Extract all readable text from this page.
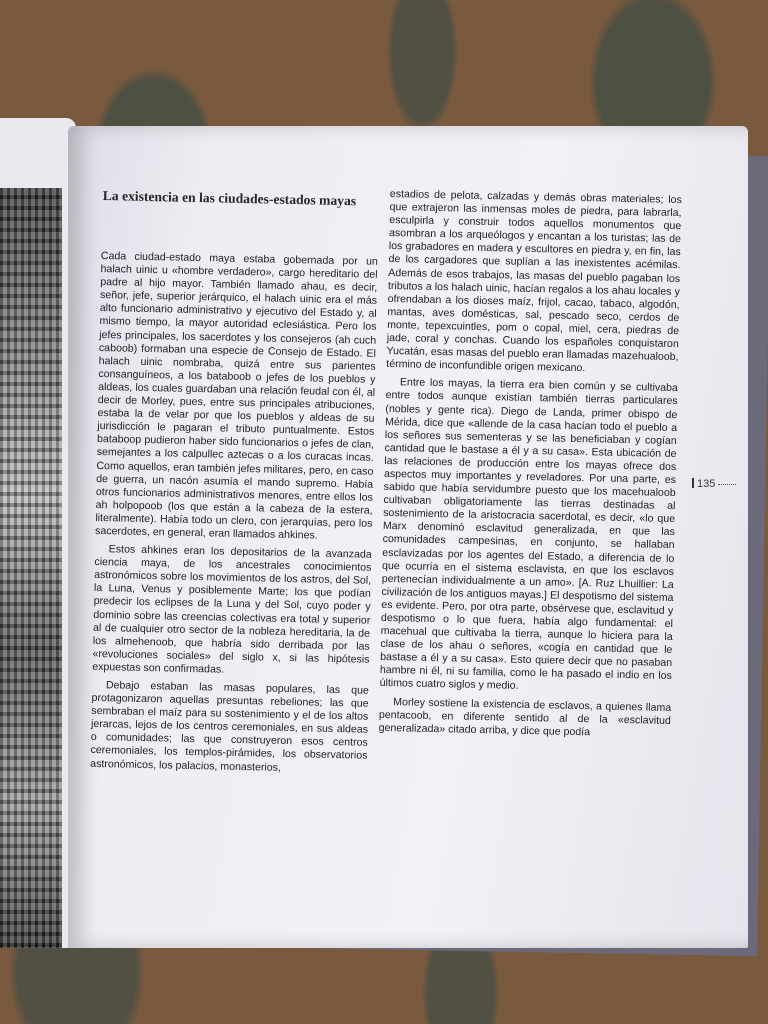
La existencia en las ciudades-estados mayas

Cada ciudad-estado maya estaba gobernada por un halach uinic u «hombre verdadero», cargo hereditario del padre al hijo mayor. También llamado ahau, es decir, señor, jefe, superior jerárquico, el halach uinic era el más alto funcionario administrativo y ejecutivo del Estado y, al mismo tiempo, la mayor autoridad eclesiástica. Pero los jefes principales, los sacerdotes y los consejeros (ah cuch caboob) formaban una especie de Consejo de Estado. El halach uinic nombraba, quizá entre sus parientes consanguíneos, a los bataboob o jefes de los pueblos y aldeas, los cuales guardaban una relación feudal con él, al decir de Morley, pues, entre sus principales atribuciones, estaba la de velar por que los pueblos y aldeas de su jurisdicción le pagaran el tributo puntualmente. Estos bataboop pudieron haber sido funcionarios o jefes de clan, semejantes a los calpullec aztecas o a los curacas incas. Como aquellos, eran también jefes militares, pero, en caso de guerra, un nacón asumía el mando supremo. Había otros funcionarios administrativos menores, entre ellos los ah holpopoob (los que están a la cabeza de la estera, literalmente). Había todo un clero, con jerarquías, pero los sacerdotes, en general, eran llamados ahkines.

Estos ahkines eran los depositarios de la avanzada ciencia maya, de los ancestrales conocimientos astronómicos sobre los movimientos de los astros, del Sol, la Luna, Venus y posiblemente Marte; los que podían predecir los eclipses de la Luna y del Sol, cuyo poder y dominio sobre las creencias colectivas era total y superior al de cualquier otro sector de la nobleza hereditaria, la de los almehenoob, que habría sido derribada por las «revoluciones sociales» del siglo x, si las hipótesis expuestas son confirmadas.

Debajo estaban las masas populares, las que protagonizaron aquellas presuntas rebeliones; las que sembraban el maíz para su sostenimiento y el de los altos jerarcas, lejos de los centros ceremoniales, en sus aldeas o comunidades; las que construyeron esos centros ceremoniales, los templos-pirámides, los observatorios astronómicos, los palacios, monasterios,

estadios de pelota, calzadas y demás obras materiales; los que extrajeron las inmensas moles de piedra, para labrarla, esculpirla y construir todos aquellos monumentos que asombran a los arqueólogos y encantan a los turistas; las de los grabadores en madera y escultores en piedra y, en fin, las de los cargadores que suplían a las inexistentes acémilas. Además de esos trabajos, las masas del pueblo pagaban los tributos a los halach uinic, hacían regalos a los ahau locales y ofrendaban a los dioses maíz, frijol, cacao, tabaco, algodón, mantas, aves domésticas, sal, pescado seco, cerdos de monte, tepexcuintles, pom o copal, miel, cera, piedras de jade, coral y conchas. Cuando los españoles conquistaron Yucatán, esas masas del pueblo eran llamadas mazehualoob, término de inconfundible origen mexicano.

Entre los mayas, la tierra era bien común y se cultivaba entre todos aunque existían también tierras particulares (nobles y gente rica). Diego de Landa, primer obispo de Mérida, dice que «allende de la casa hacían todo el pueblo a los señores sus sementeras y se las beneficiaban y cogían cantidad que le bastase a él y a su casa». Esta ubicación de las relaciones de producción entre los mayas ofrece dos aspectos muy importantes y reveladores. Por una parte, es sabido que había servidumbre puesto que los macehualoob cultivaban obligatoriamente las tierras destinadas al sostenimiento de la aristocracia sacerdotal, es decir, «lo que Marx denominó esclavitud generalizada, en que las comunidades campesinas, en conjunto, se hallaban esclavizadas por los agentes del Estado, a diferencia de lo que ocurría en el sistema esclavista, en que los esclavos pertenecían individualmente a un amo». [A. Ruz Lhuillier: La civilización de los antiguos mayas.] El despotismo del sistema es evidente. Pero, por otra parte, obsérvese que, esclavitud y despotismo o lo que fuera, había algo fundamental: el macehual que cultivaba la tierra, aunque lo hiciera para la clase de los ahau o señores, «cogía en cantidad que le bastase a él y a su casa». Esto quiere decir que no pasaban hambre ni él, ni su familia, como le ha pasado el indio en los últimos cuatro siglos y medio.

Morley sostiene la existencia de esclavos, a quienes llama pentacoob, en diferente sentido al de la «esclavitud generalizada» citado arriba, y dice que podía

135
